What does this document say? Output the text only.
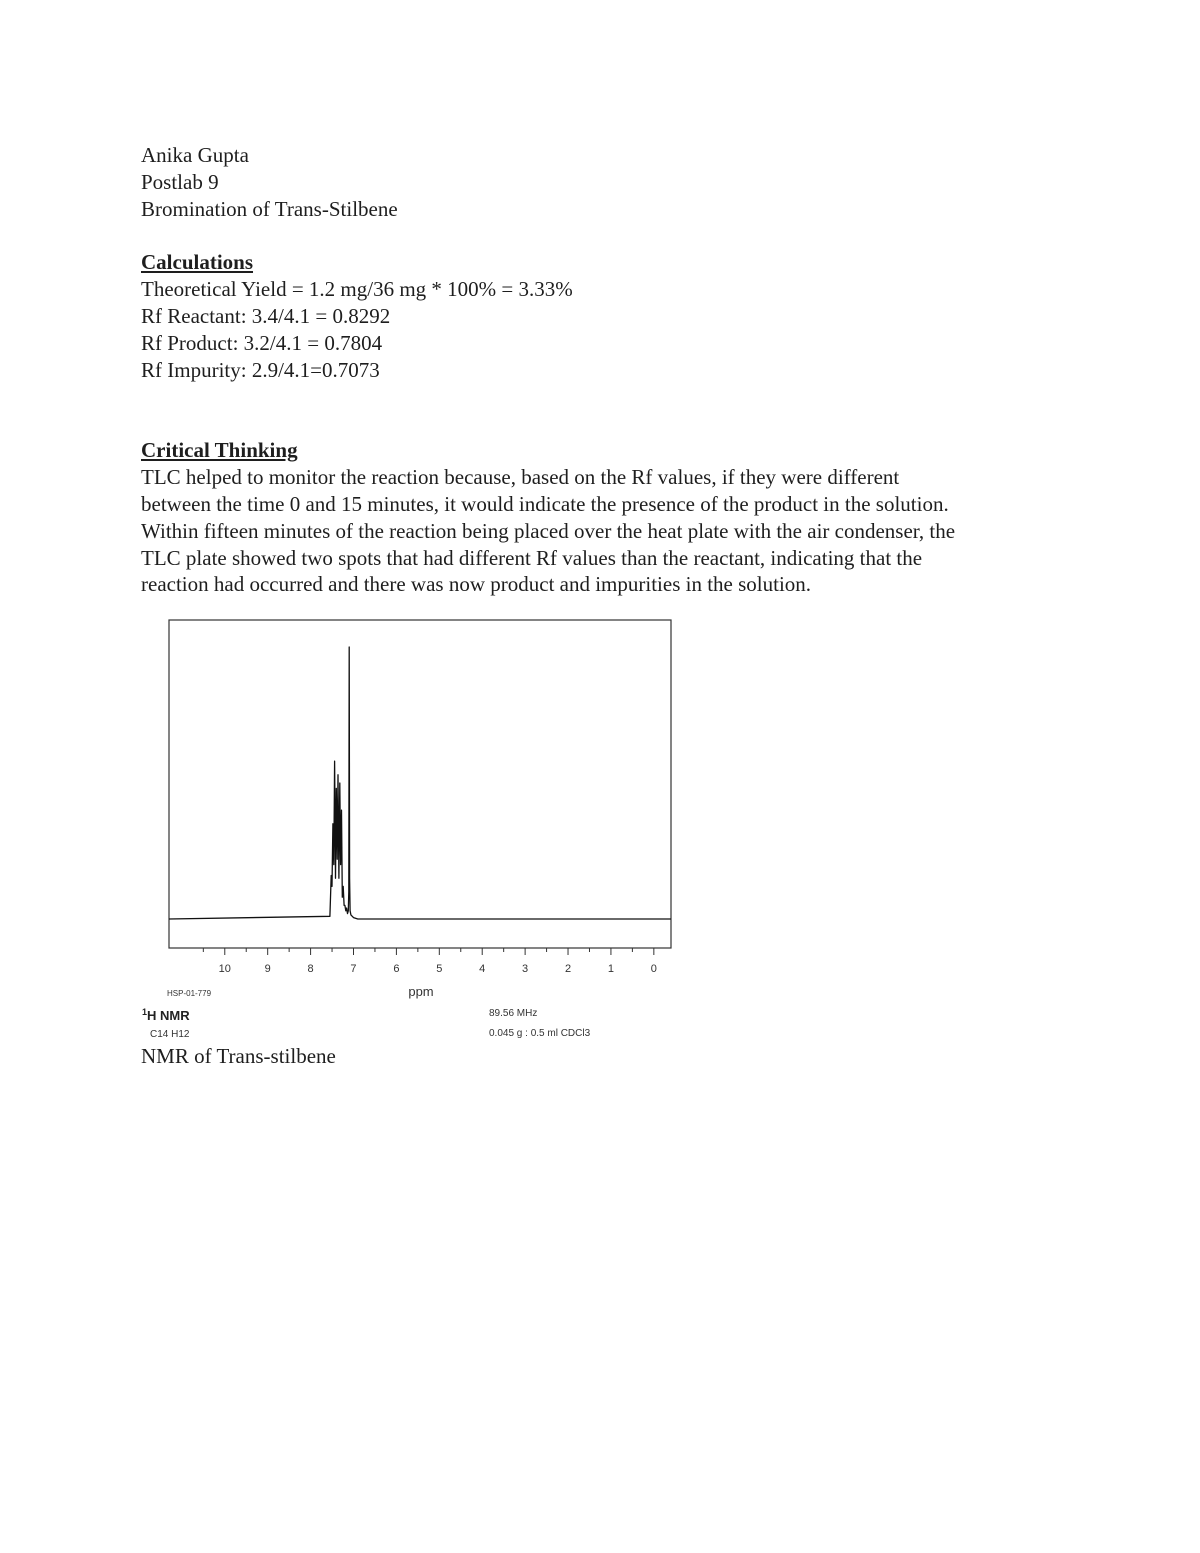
Anika Gupta
Postlab 9
Bromination of Trans-Stilbene
Calculations
Theoretical Yield = 1.2 mg/36 mg * 100% = 3.33%
Rf Reactant: 3.4/4.1 = 0.8292
Rf Product: 3.2/4.1 = 0.7804
Rf Impurity: 2.9/4.1=0.7073
Critical Thinking
TLC helped to monitor the reaction because, based on the Rf values, if they were different
between the time 0 and 15 minutes, it would indicate the presence of the product in the solution.
Within fifteen minutes of the reaction being placed over the heat plate with the air condenser, the
TLC plate showed two spots that had different Rf values than the reactant, indicating that the
reaction had occurred and there was now product and impurities in the solution.
10	9	8	7	6	5	4	3	2	1	0
ppm
HSP-01-779
$^1$H NMR
C14 H12
89.56 MHz
0.045 g : 0.5 ml CDCl3
NMR of Trans-stilbene
